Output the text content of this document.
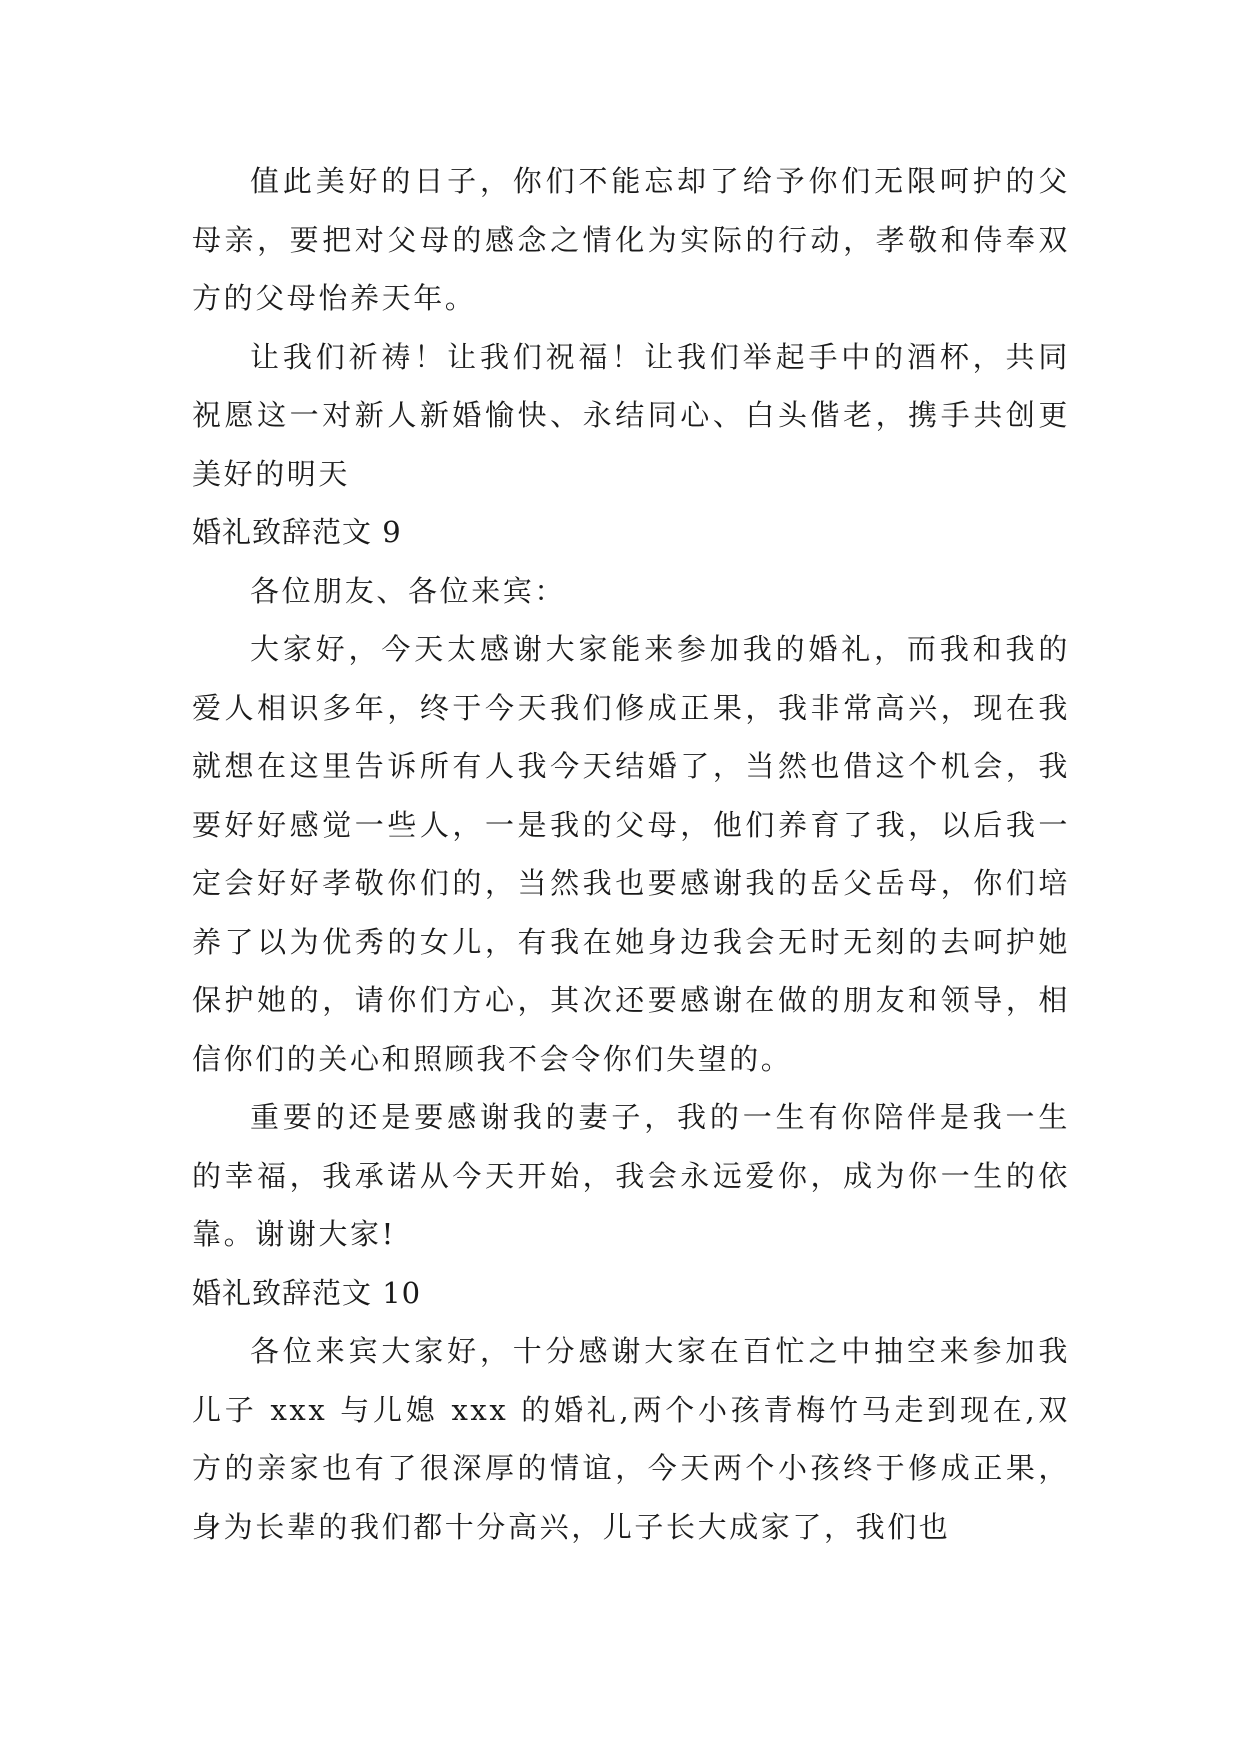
值此美好的日子，你们不能忘却了给予你们无限呵护的父母亲，要把对父母的感念之情化为实际的行动，孝敬和侍奉双方的父母怡养天年。

让我们祈祷！让我们祝福！让我们举起手中的酒杯，共同祝愿这一对新人新婚愉快、永结同心、白头偕老，携手共创更美好的明天

婚礼致辞范文 9

各位朋友、各位来宾：

大家好，今天太感谢大家能来参加我的婚礼，而我和我的爱人相识多年，终于今天我们修成正果，我非常高兴，现在我就想在这里告诉所有人我今天结婚了，当然也借这个机会，我要好好感觉一些人，一是我的父母，他们养育了我，以后我一定会好好孝敬你们的，当然我也要感谢我的岳父岳母，你们培养了以为优秀的女儿，有我在她身边我会无时无刻的去呵护她保护她的，请你们方心，其次还要感谢在做的朋友和领导，相信你们的关心和照顾我不会令你们失望的。

重要的还是要感谢我的妻子，我的一生有你陪伴是我一生的幸福，我承诺从今天开始，我会永远爱你，成为你一生的依靠。谢谢大家!

婚礼致辞范文 10

各位来宾大家好，十分感谢大家在百忙之中抽空来参加我儿子 xxx 与儿媳 xxx 的婚礼,两个小孩青梅竹马走到现在,双方的亲家也有了很深厚的情谊，今天两个小孩终于修成正果，身为长辈的我们都十分高兴，儿子长大成家了，我们也
